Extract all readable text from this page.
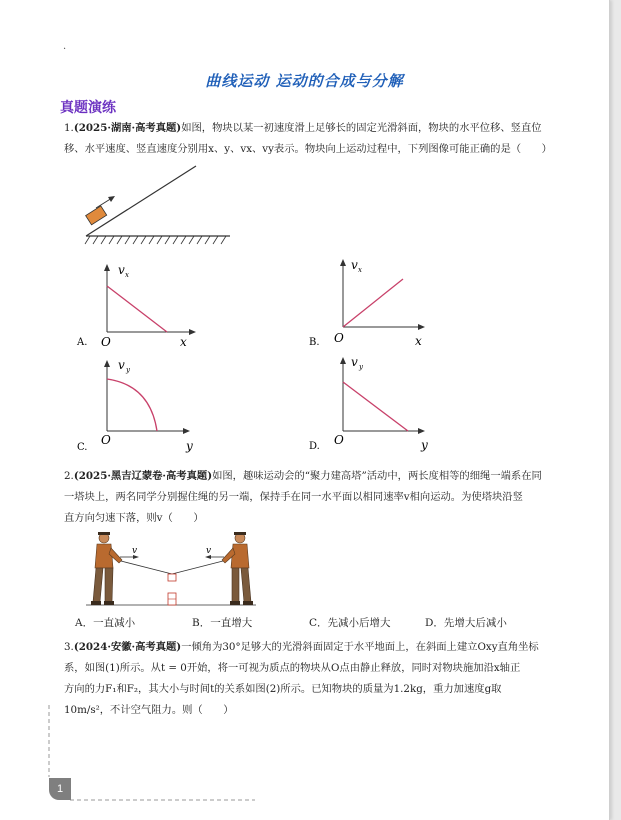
·
曲线运动 运动的合成与分解
真题演练
1.(2025·湖南·高考真题)如图，物块以某一初速度滑上足够长的固定光滑斜面，物块的水平位移、竖直位
移、水平速度、竖直速度分别用x、y、vx、vy表示。物块向上运动过程中，下列图像可能正确的是（　　）
v x
O	x
A.
v x
O	x
B.
v y
O	y
C.
v y
O	y
D.
2.(2025·黑吉辽蒙卷·高考真题)如图，趣味运动会的“聚力建高塔”活动中，两长度相等的细绳一端系在同
一塔块上，两名同学分别握住绳的另一端，保持手在同一水平面以相同速率v相向运动。为使塔块沿竖
直方向匀速下落，则v（　　）
v	v
A．一直减小	B．一直增大	C．先减小后增大	D．先增大后减小
3.(2024·安徽·高考真题)一倾角为30°足够大的光滑斜面固定于水平地面上，在斜面上建立Oxy直角坐标
系，如图(1)所示。从t = 0开始，将一可视为质点的物块从O点由静止释放，同时对物块施加沿x轴正
方向的力F₁和F₂，其大小与时间t的关系如图(2)所示。已知物块的质量为1.2kg，重力加速度g取
10m/s²，不计空气阻力。则（　　）
1
